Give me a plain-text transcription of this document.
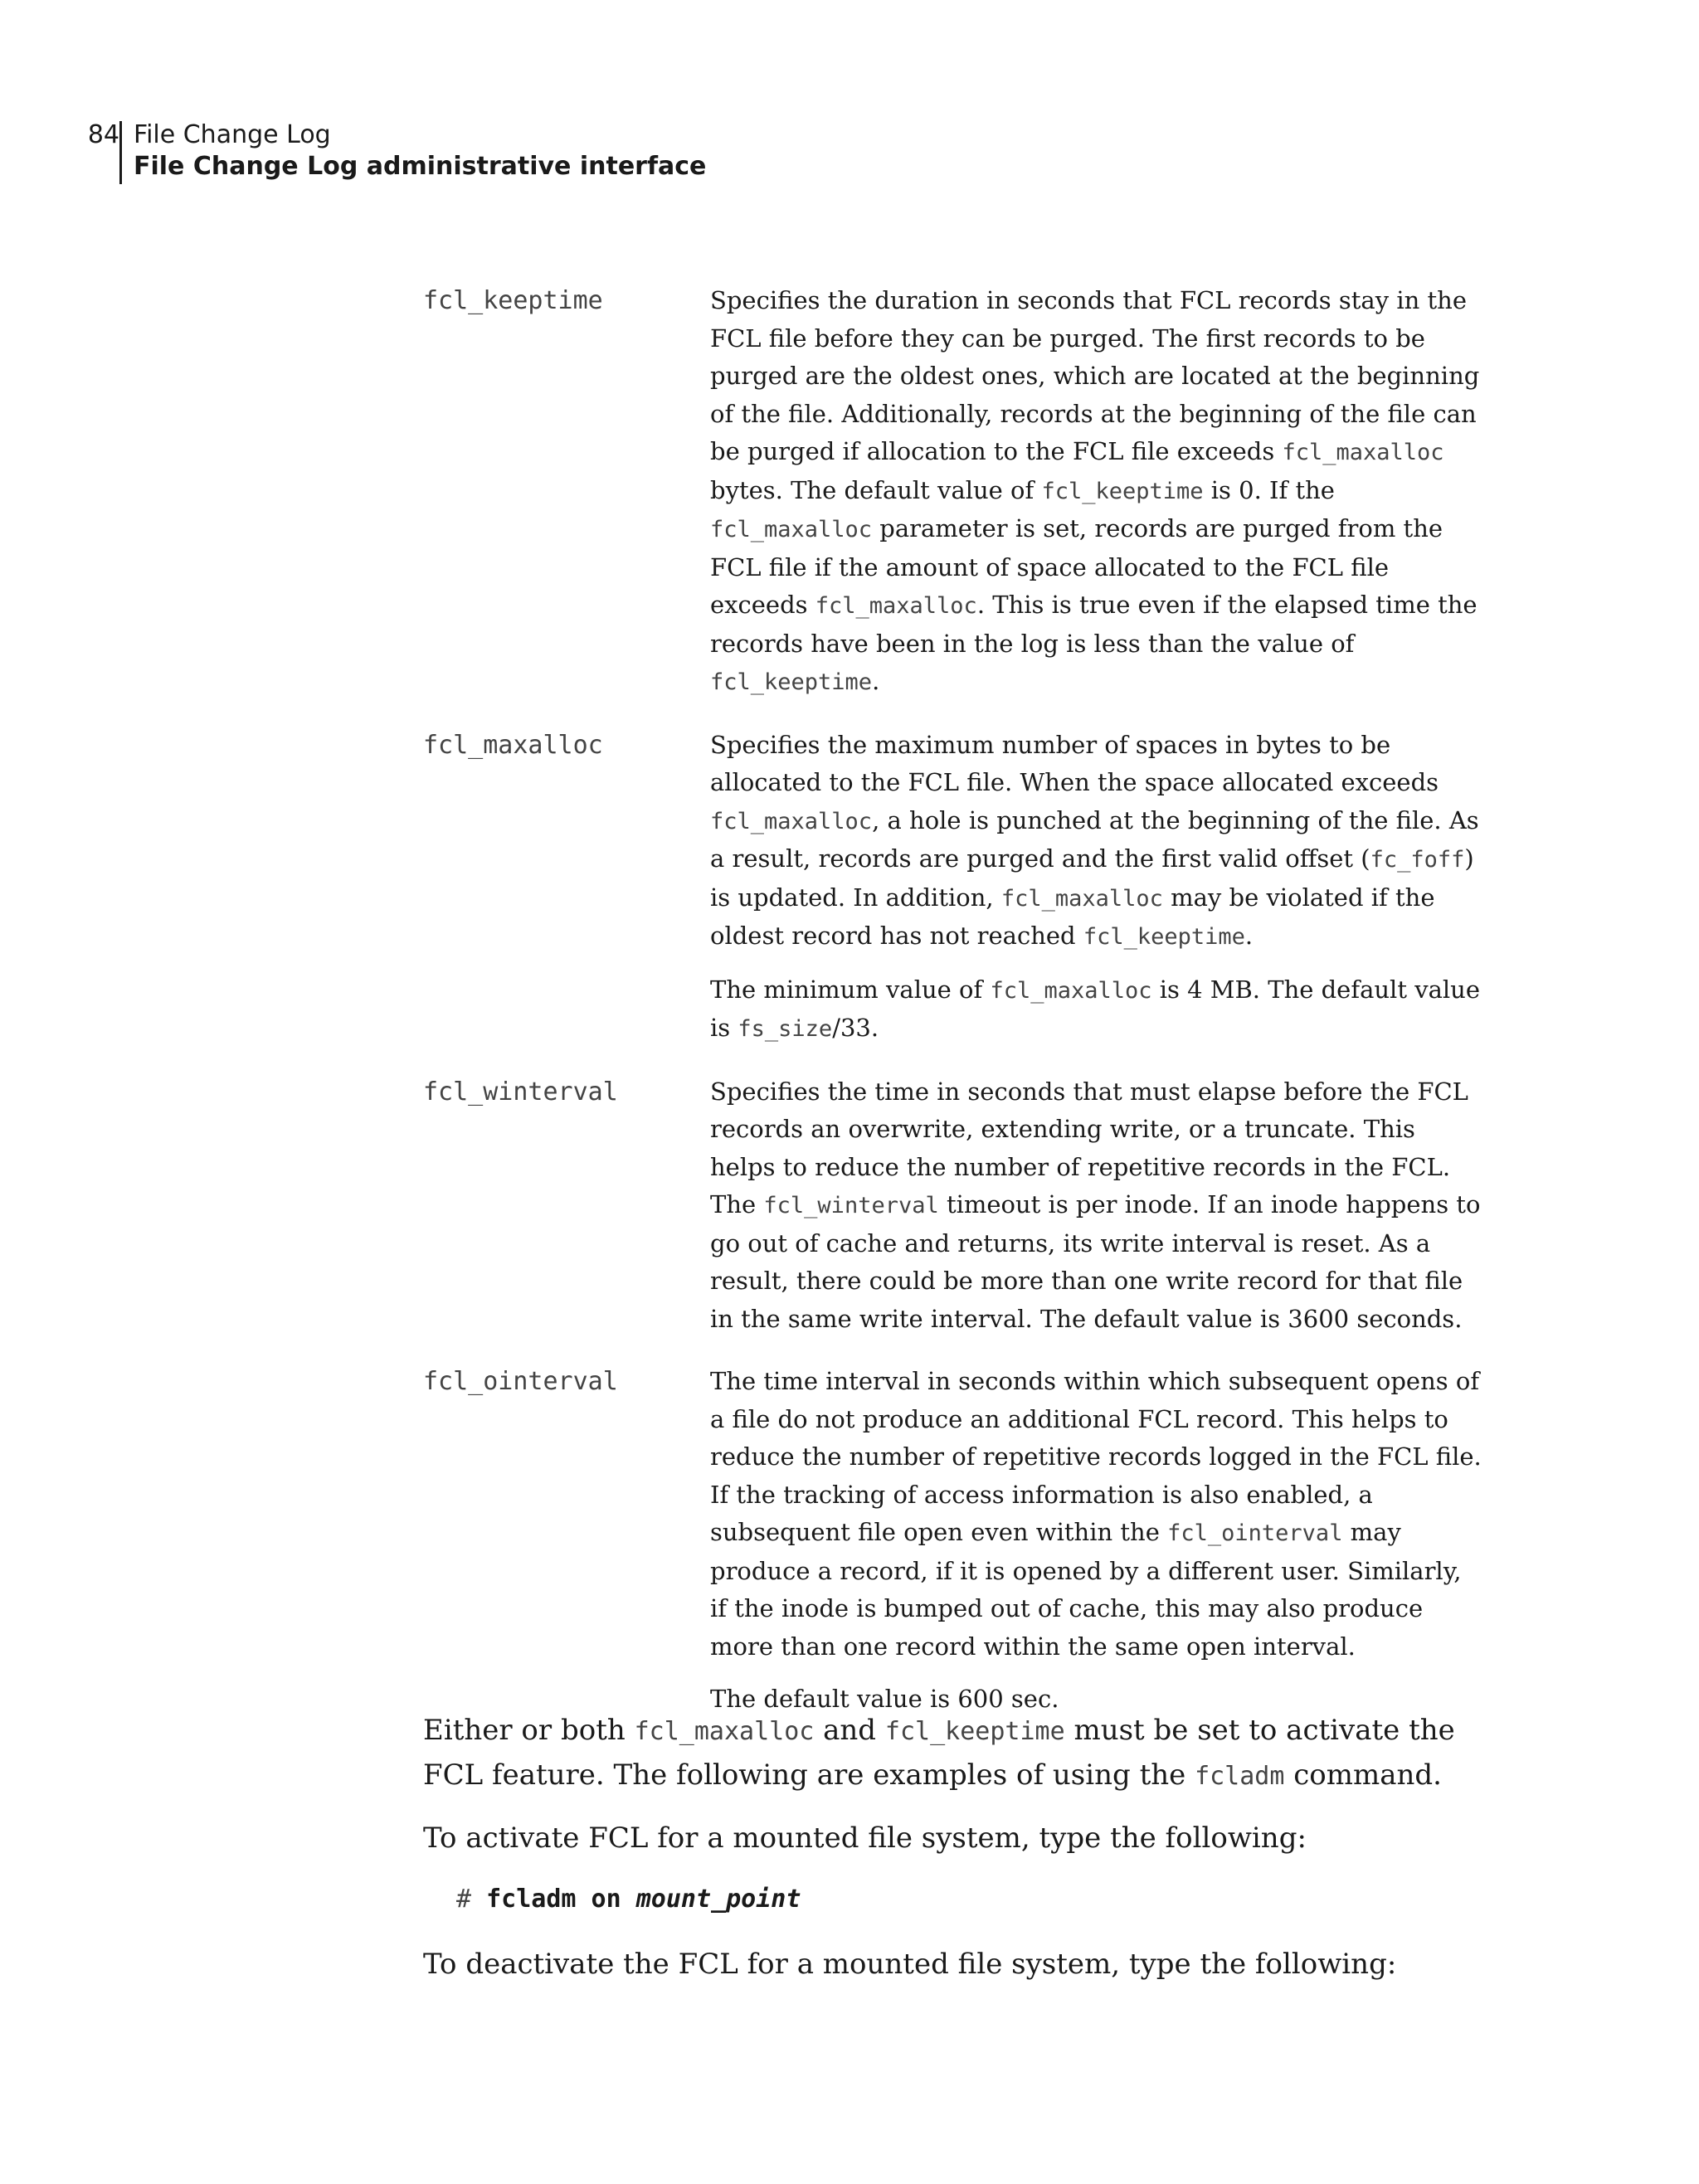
84 File Change Log
File Change Log administrative interface
fcl_keeptime	Specifies the duration in seconds that FCL records stay in the FCL file before they can be purged. The first records to be purged are the oldest ones, which are located at the beginning of the file. Additionally, records at the beginning of the file can be purged if allocation to the FCL file exceeds fcl_maxalloc bytes. The default value of fcl_keeptime is 0. If the fcl_maxalloc parameter is set, records are purged from the FCL file if the amount of space allocated to the FCL file exceeds fcl_maxalloc. This is true even if the elapsed time the records have been in the log is less than the value of fcl_keeptime.

fcl_maxalloc	Specifies the maximum number of spaces in bytes to be allocated to the FCL file. When the space allocated exceeds fcl_maxalloc, a hole is punched at the beginning of the file. As a result, records are purged and the first valid offset (fc_foff) is updated. In addition, fcl_maxalloc may be violated if the oldest record has not reached fcl_keeptime.

The minimum value of fcl_maxalloc is 4 MB. The default value is fs_size/33.

fcl_winterval	Specifies the time in seconds that must elapse before the FCL records an overwrite, extending write, or a truncate. This helps to reduce the number of repetitive records in the FCL. The fcl_winterval timeout is per inode. If an inode happens to go out of cache and returns, its write interval is reset. As a result, there could be more than one write record for that file in the same write interval. The default value is 3600 seconds.

fcl_ointerval	The time interval in seconds within which subsequent opens of a file do not produce an additional FCL record. This helps to reduce the number of repetitive records logged in the FCL file. If the tracking of access information is also enabled, a subsequent file open even within the fcl_ointerval may produce a record, if it is opened by a different user. Similarly, if the inode is bumped out of cache, this may also produce more than one record within the same open interval.

The default value is 600 sec.

Either or both fcl_maxalloc and fcl_keeptime must be set to activate the FCL feature. The following are examples of using the fcladm command.

To activate FCL for a mounted file system, type the following:

# fcladm on mount_point

To deactivate the FCL for a mounted file system, type the following:
